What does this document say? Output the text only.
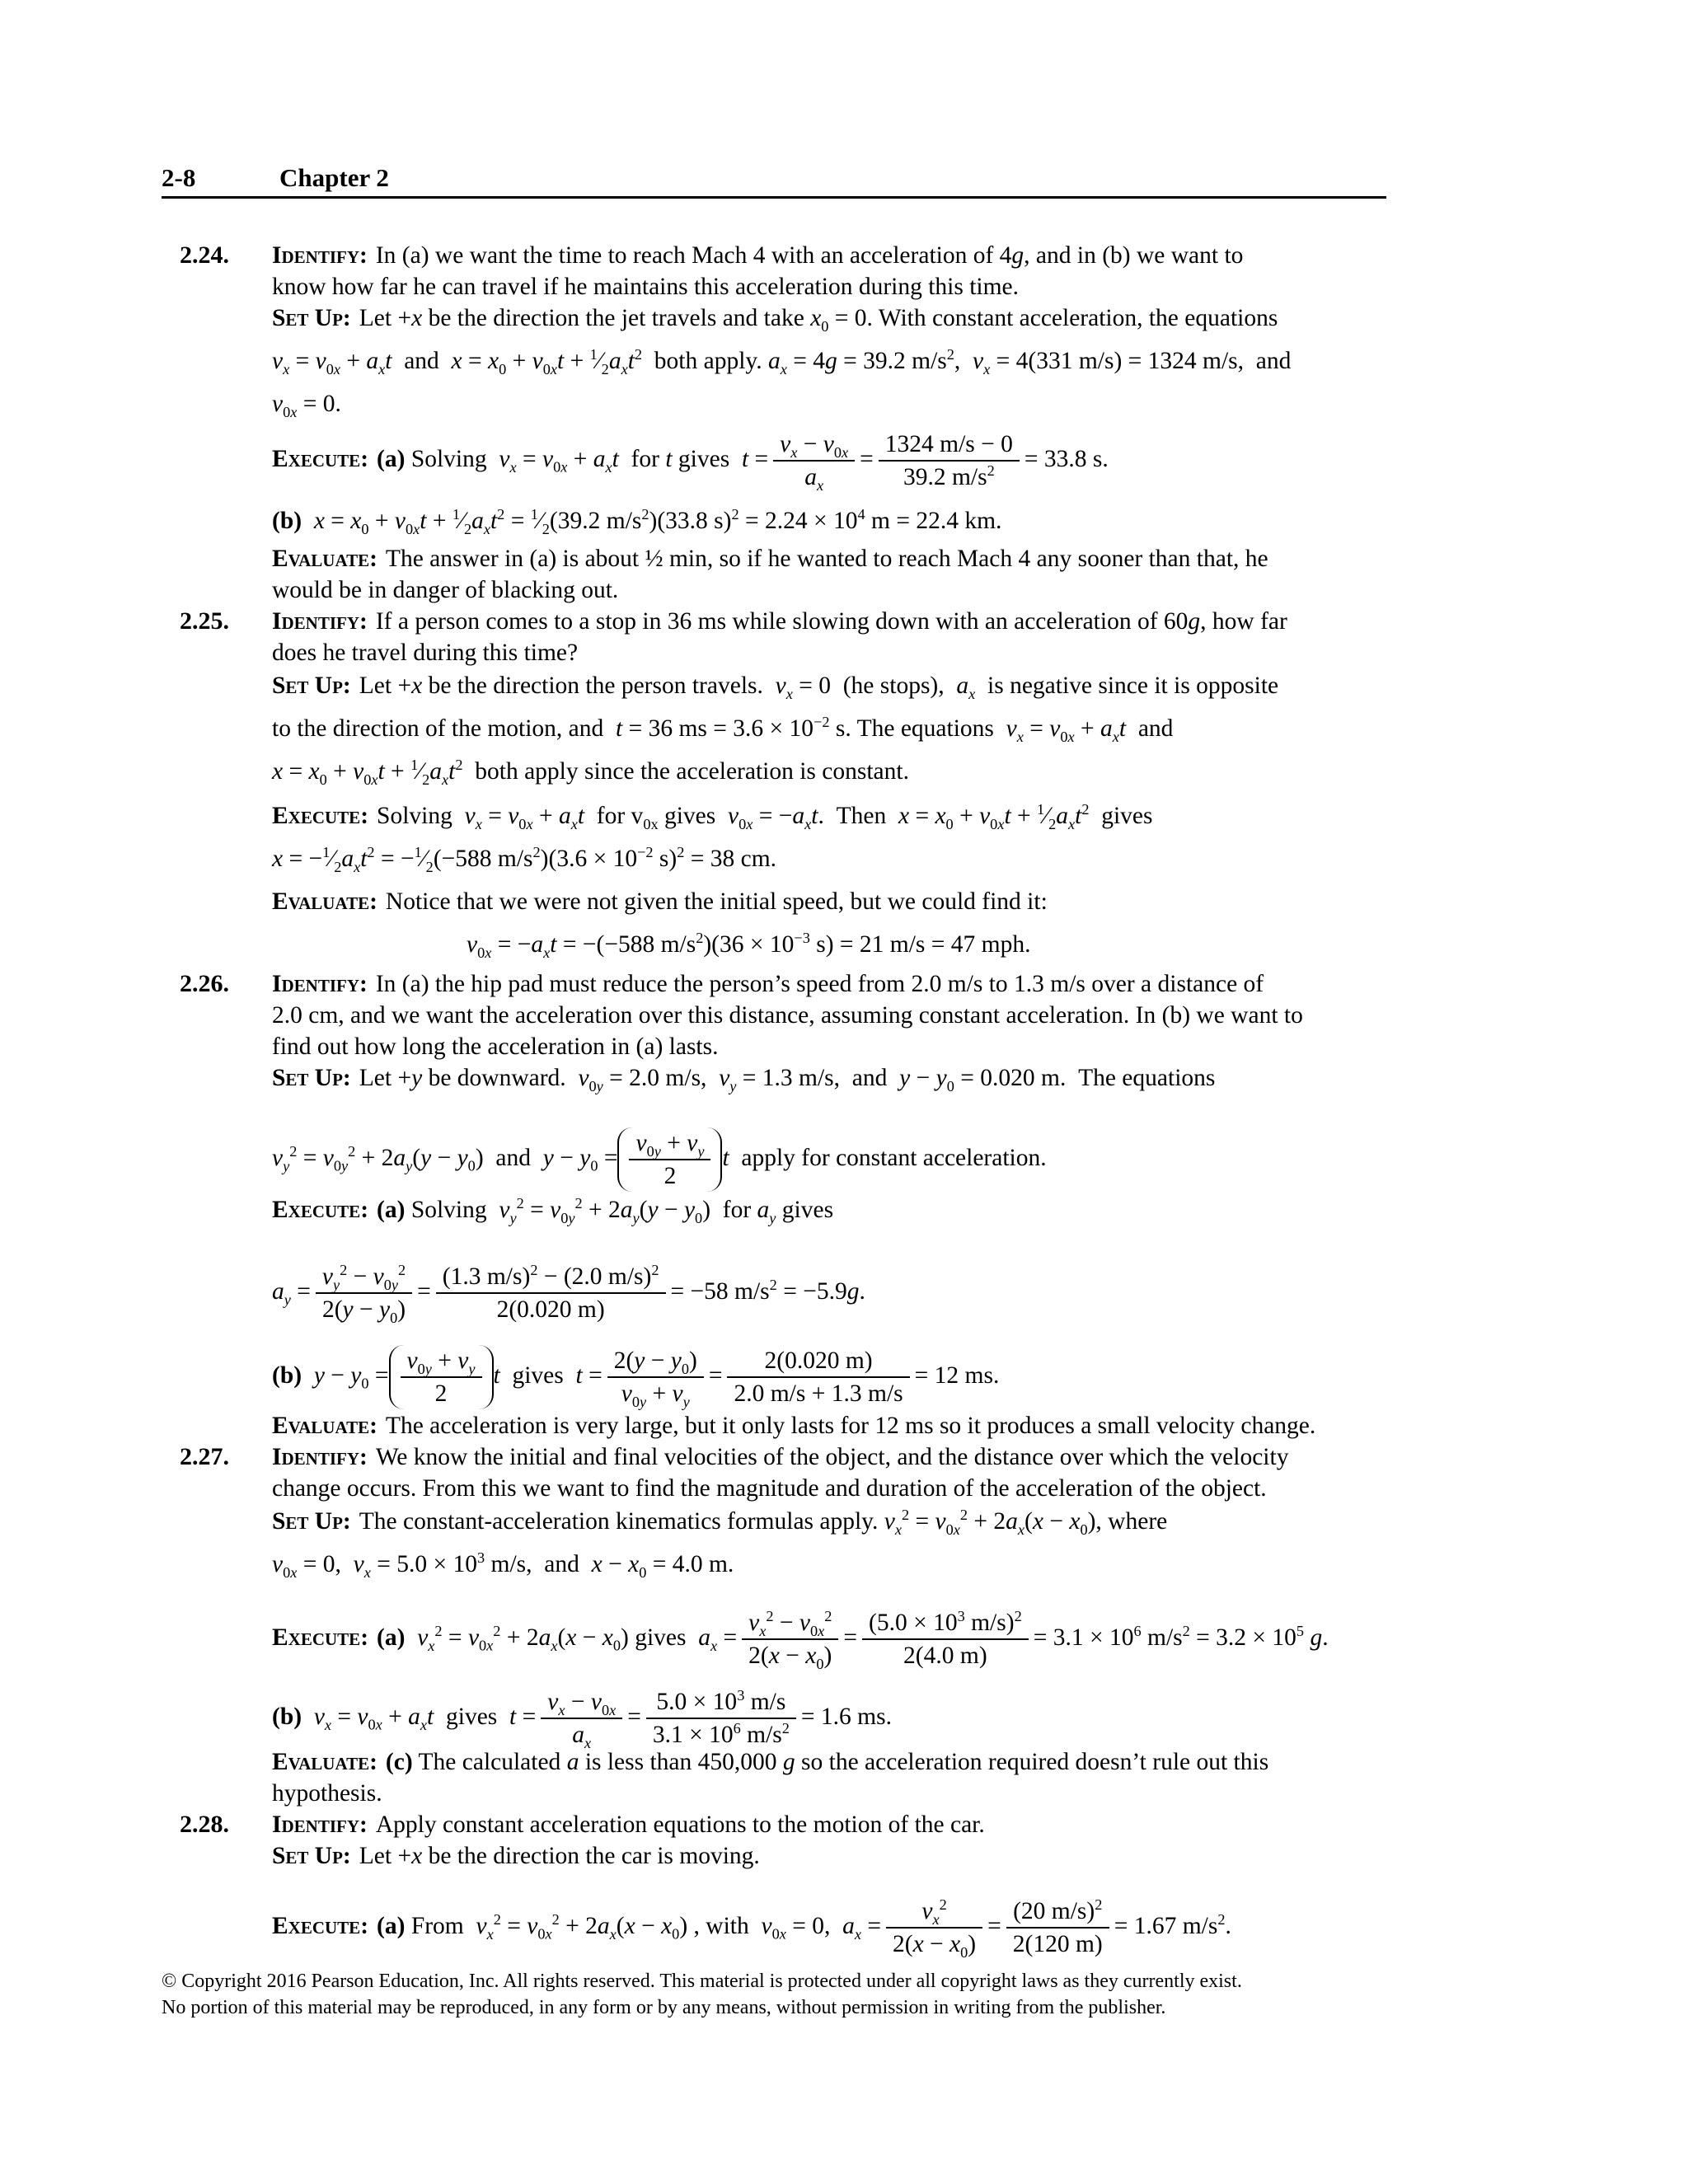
2-8	Chapter 2
2.24. Identify: In (a) we want the time to reach Mach 4 with an acceleration of 4g, and in (b) we want to
know how far he can travel if he maintains this acceleration during this time.
Set Up: Let +x be the direction the jet travels and take $x_0 = 0$. With constant acceleration, the equations
$v_x = v_{0x} + a_xt$  and  $x = x_0 + v_{0x}t$ + $^1⁄_2a_xt^2$  both apply. $a_x = 4g = 39.2$ $m/s^2$,  $v_x = 4(331$ m/s) = 1324 m/s,  and
$v_{0x} = 0$.
Execute: (a) Solving  $v_x = v_{0x} + a_xt$  for t gives  $t = \frac{v_x - v_{0x}}{a_x} = \frac{1324 m/s - 0}{39.2 m/s^2} = 33.8$ s.
(b) $x = x_0 + v_{0x}t$ + $^1⁄_2a_xt^2$ = $^1⁄_2(39.2$ $m/s^2)(33.8$ $s)^2 = 2.24 \times 10^4$ m = 22.4 km.
Evaluate: The answer in (a) is about ½ min, so if he wanted to reach Mach 4 any sooner than that, he
would be in danger of blacking out.
2.25. Identify: If a person comes to a stop in 36 ms while slowing down with an acceleration of 60g, how far
does he travel during this time?
Set Up: Let +x be the direction the person travels.  $v_x = 0$  (he stops),  $a_x$  is negative since it is opposite
to the direction of the motion, and  t = 36 ms = $3.6 \times 10^{-2}$ s. The equations  $v_x = v_{0x} + a_xt$  and
$x = x_0 + v_{0x}t$ + $^1⁄_2a_xt^2$  both apply since the acceleration is constant.
Execute: Solving  $v_x = v_{0x} + a_xt$  for $v_{0x}$ gives  $v_{0x} = -a_xt$.  Then  $x = x_0 + v_{0x}t$ + $^1⁄_2a_xt^2$  gives
$x = -^1⁄_2a_xt^2$ = $-^1⁄_2(-588$ $m/s^2)(3.6 \times 10^{-2}$ s)$^2$ = 38 cm.
Evaluate: Notice that we were not given the initial speed, but we could find it:
$v_{0x} = -a_xt = -(-588$ $m/s^2)(36 \times 10^{-3}$ s) = 21 m/s = 47 mph.
2.26. Identify: In (a) the hip pad must reduce the person’s speed from 2.0 m/s to 1.3 m/s over a distance of
2.0 cm, and we want the acceleration over this distance, assuming constant acceleration. In (b) we want to
find out how long the acceleration in (a) lasts.
Set Up: Let +y be downward.  $v_{0y} = 2.0$ m/s,  $v_y = 1.3$ m/s,  and  $y - y_0 = 0.020$ m.  The equations
$v_y^2 = v_{0y}^2 + 2a_y(y - y_0)$  and  $y - y_0 = \frac{v_{0y} + v_y}{2}$ t  apply for constant acceleration.
Execute: (a) Solving  $v_y^2 = v_{0y}^2 + 2a_y(y - y_0)$  for $a_y$ gives
$a_y = \frac{v_y^2 - v_{0y}^2}{2(y - y_0)} = \frac{(1.3 m/s)^2 - (2.0 m/s)^2}{2(0.020 m)} = -58$ $m/s^2 = -5.9g$.
(b) $y - y_0 = \frac{v_{0y} + v_y}{2}$ t  gives  $t = \frac{2(y - y_0)}{v_{0y} + v_y} = \frac{2(0.020 m)}{2.0 m/s + 1.3 m/s} = 12$ ms.
Evaluate: The acceleration is very large, but it only lasts for 12 ms so it produces a small velocity change.
2.27. Identify: We know the initial and final velocities of the object, and the distance over which the velocity
change occurs. From this we want to find the magnitude and duration of the acceleration of the object.
Set Up: The constant-acceleration kinematics formulas apply. $v_x^2 = v_{0x}^2 + 2a_x(x - x_0)$, where
$v_{0x} = 0$,  $v_x = 5.0 \times 10^3$ m/s,  and  $x - x_0 = 4.0$ m.
Execute: (a) $v_x^2 = v_{0x}^2 + 2a_x(x - x_0)$ gives  $a_x = \frac{v_x^2 - v_{0x}^2}{2(x - x_0)} = \frac{(5.0 \times 10^3 m/s)^2}{2(4.0 m)} = 3.1 \times 10^6$ $m/s^2 = 3.2 \times 10^5$ g.
(b) $v_x = v_{0x} + a_xt$  gives  $t = \frac{v_x - v_{0x}}{a_x} = \frac{5.0 \times 10^3 m/s}{3.1 \times 10^6 m/s^2} = 1.6$ ms.
Evaluate: (c) The calculated a is less than 450,000 g so the acceleration required doesn’t rule out this
hypothesis.
2.28. Identify: Apply constant acceleration equations to the motion of the car.
Set Up: Let +x be the direction the car is moving.
Execute: (a) From  $v_x^2 = v_{0x}^2 + 2a_x(x - x_0)$ , with  $v_{0x} = 0$,  $a_x = \frac{v_x^2}{2(x - x_0)} = \frac{(20 m/s)^2}{2(120 m)} = 1.67$ $m/s^2$.
© Copyright 2016 Pearson Education, Inc. All rights reserved. This material is protected under all copyright laws as they currently exist.
No portion of this material may be reproduced, in any form or by any means, without permission in writing from the publisher.
